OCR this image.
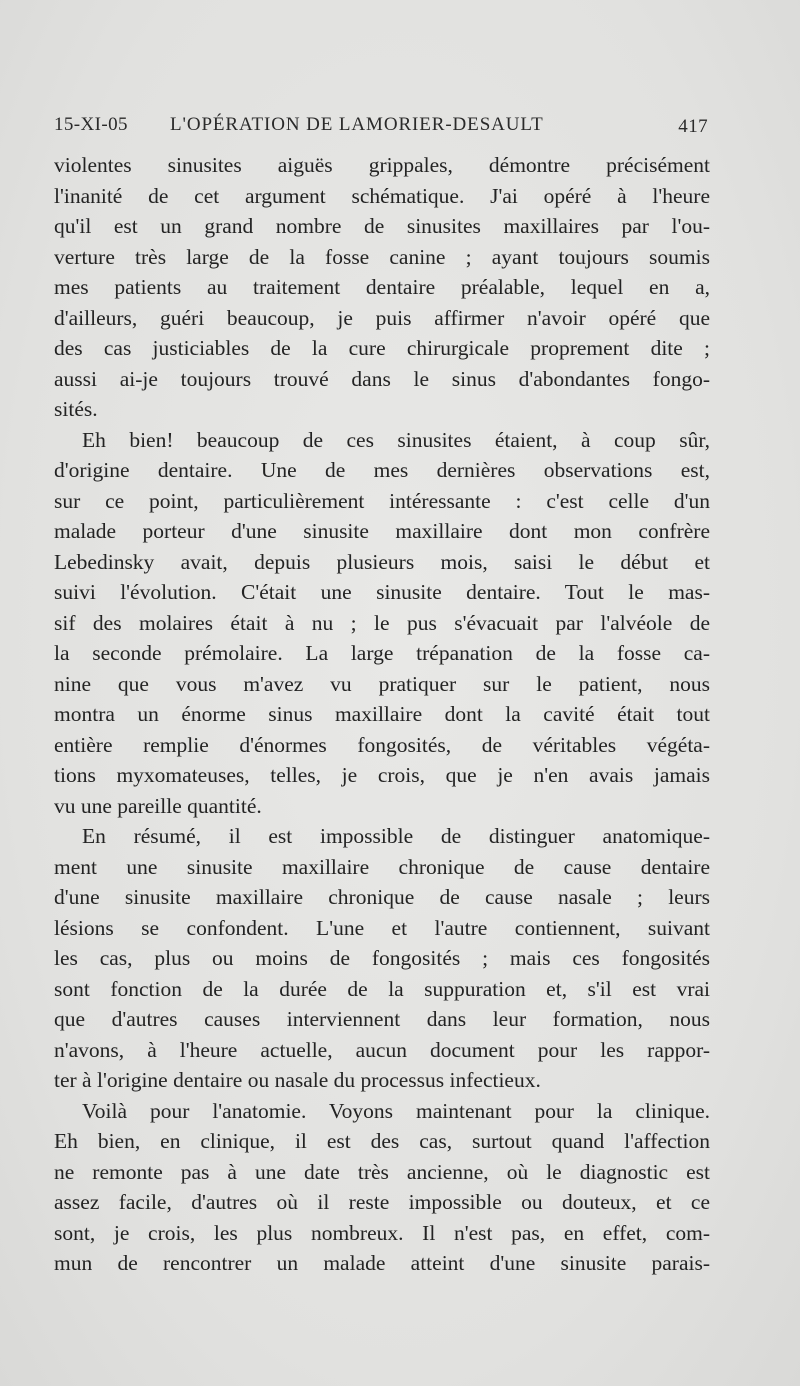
15-XI-05 L'OPÉRATION DE LAMORIER-DESAULT	417
violentes sinusites aiguës grippales, démontre précisément
l'inanité de cet argument schématique. J'ai opéré à l'heure
qu'il est un grand nombre de sinusites maxillaires par l'ou-
verture très large de la fosse canine ; ayant toujours soumis
mes patients au traitement dentaire préalable, lequel en a,
d'ailleurs, guéri beaucoup, je puis affirmer n'avoir opéré que
des cas justiciables de la cure chirurgicale proprement dite ;
aussi ai-je toujours trouvé dans le sinus d'abondantes fongo-
sités.
Eh bien! beaucoup de ces sinusites étaient, à coup sûr,
d'origine dentaire. Une de mes dernières observations est,
sur ce point, particulièrement intéressante : c'est celle d'un
malade porteur d'une sinusite maxillaire dont mon confrère
Lebedinsky avait, depuis plusieurs mois, saisi le début et
suivi l'évolution. C'était une sinusite dentaire. Tout le mas-
sif des molaires était à nu ; le pus s'évacuait par l'alvéole de
la seconde prémolaire. La large trépanation de la fosse ca-
nine que vous m'avez vu pratiquer sur le patient, nous
montra un énorme sinus maxillaire dont la cavité était tout
entière remplie d'énormes fongosités, de véritables végéta-
tions myxomateuses, telles, je crois, que je n'en avais jamais
vu une pareille quantité.
En résumé, il est impossible de distinguer anatomique-
ment une sinusite maxillaire chronique de cause dentaire
d'une sinusite maxillaire chronique de cause nasale ; leurs
lésions se confondent. L'une et l'autre contiennent, suivant
les cas, plus ou moins de fongosités ; mais ces fongosités
sont fonction de la durée de la suppuration et, s'il est vrai
que d'autres causes interviennent dans leur formation, nous
n'avons, à l'heure actuelle, aucun document pour les rappor-
ter à l'origine dentaire ou nasale du processus infectieux.
Voilà pour l'anatomie. Voyons maintenant pour la clinique.
Eh bien, en clinique, il est des cas, surtout quand l'affection
ne remonte pas à une date très ancienne, où le diagnostic est
assez facile, d'autres où il reste impossible ou douteux, et ce
sont, je crois, les plus nombreux. Il n'est pas, en effet, com-
mun de rencontrer un malade atteint d'une sinusite parais-
